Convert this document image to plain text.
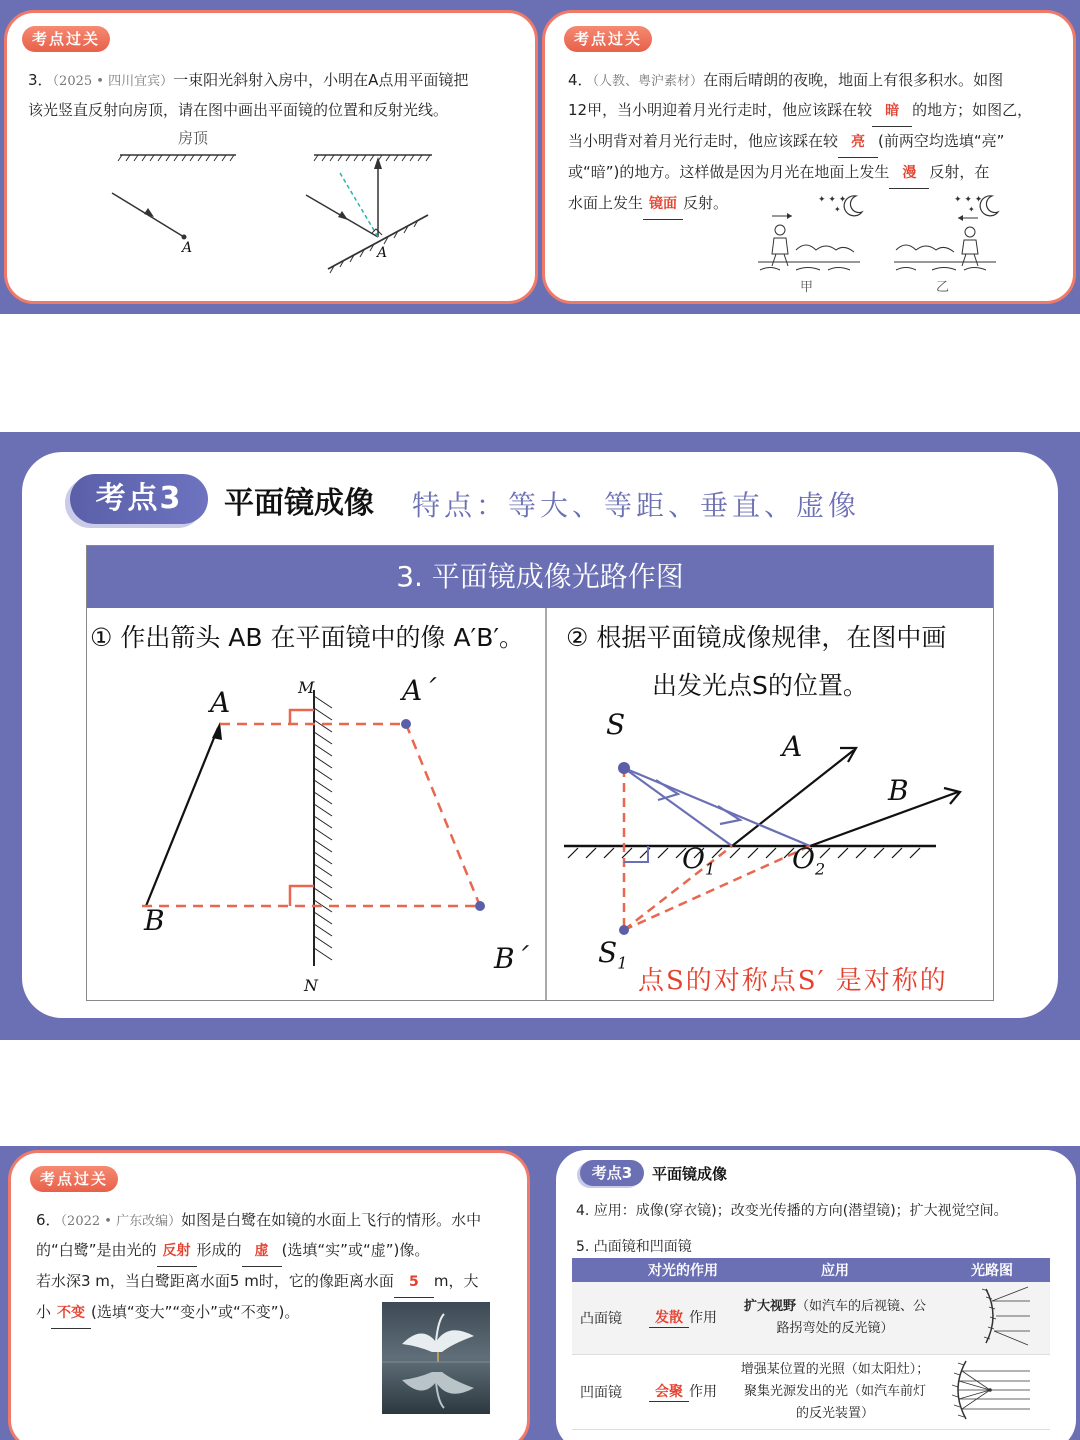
考点过关
3．（2025 • 四川宜宾）一束阳光斜射入房中，小明在A点用平面镜把
该光竖直反射向房顶，请在图中画出平面镜的位置和反射光线。
房顶
A	A
考点过关
4．（人教、粤沪素材）在雨后晴朗的夜晚，地面上有很多积水。如图
12甲，当小明迎着月光行走时，他应该踩在较 暗 的地方；如图乙，
当小明背对着月光行走时，他应该踩在较 亮 (前两空均选填“亮”
或“暗”)的地方。这样做是因为月光在地面上发生 漫 反射，在
水面上发生 镜面 反射。	✦ ✦ ✦
✦
甲
✦ ✦ ✦
✦
乙
考点3	平面镜成像 特点：等大、等距、垂直、虚像
3. 平面镜成像光路作图
① 作出箭头 AB 在平面镜中的像 A′B′。 ② 根据平面镜成像规律，在图中画
出发光点S的位置。
A
B
A´
B´
M
N
S
$S_1$
A
B
$O_1$	$O_2$
点S的对称点S′ 是对称的
考点过关
6．（2022 • 广东改编）如图是白鹭在如镜的水面上飞行的情形。水中
的“白鹭”是由光的 反射 形成的 虚 (选填“实”或“虚”)像。
若水深3 m，当白鹭距离水面5 m时，它的像距离水面 5 m，大
小 不变 (选填“变大”“变小”或“不变”)。
考点3	平面镜成像
4. 应用：成像(穿衣镜)；改变光传播的方向(潜望镜)；扩大视觉空间。
5. 凸面镜和凹面镜
	对光的作用	应用	光路图
凸面镜	发散 作用	扩大视野（如汽车的后视镜、公路拐弯处的反光镜）	
凹面镜	会聚 作用	增强某位置的光照（如太阳灶）；聚集光源发出的光（如汽车前灯的反光装置）	
